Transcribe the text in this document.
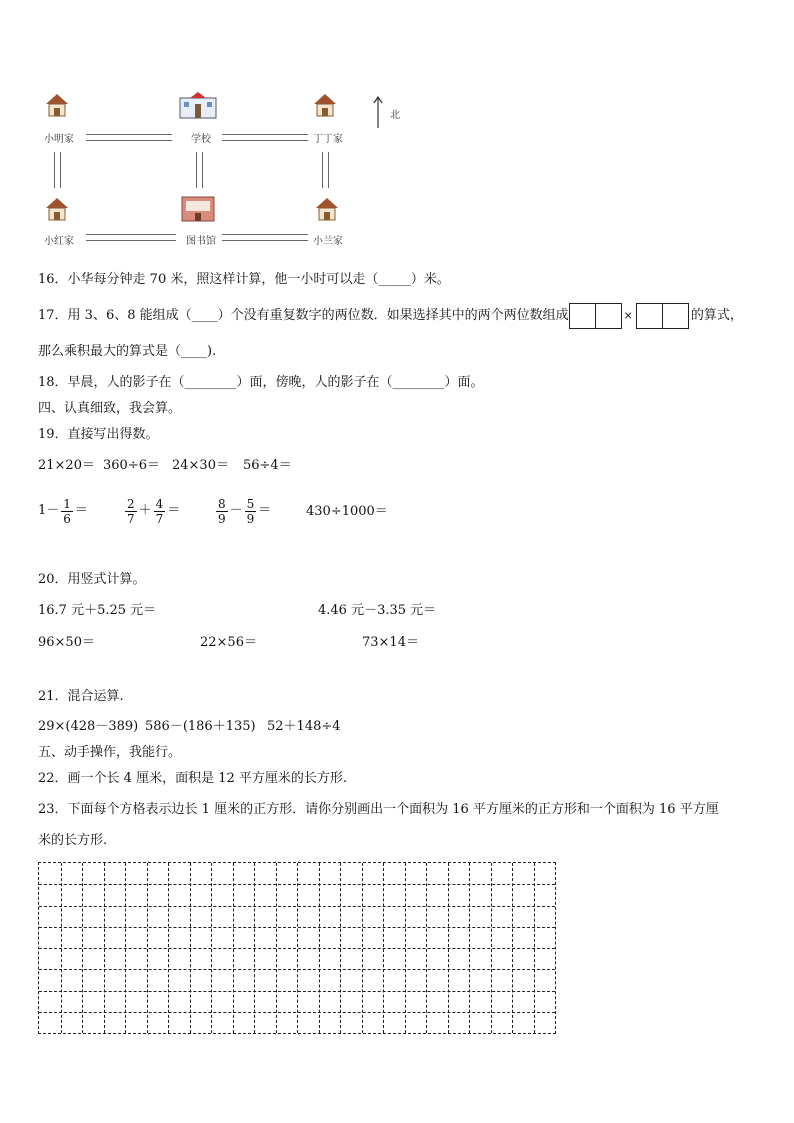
小明家	学校	丁丁家
小红家	图书馆	小兰家
北
16．小华每分钟走 70 米，照这样计算，他一小时可以走（_____）米。
17．用 3、6、8 能组成（____）个没有重复数字的两位数．如果选择其中的两个两位数组成	×	的算式，
那么乘积最大的算式是（____).
18．早晨，人的影子在（________）面，傍晚，人的影子在（________）面。
四、认真细致，我会算。
19．直接写出得数。
21×20＝ 360÷6＝ 24×30＝ 56÷4＝
$1- \frac{1}{6}$ ＝	$\frac{2}{7} + \frac{4}{7}$ ＝	$\frac{8}{9} - \frac{5}{9}$ ＝	430÷1000＝
20．用竖式计算。
16.7 元＋5.25 元＝	4.46 元－3.35 元＝
96×50＝	22×56＝	73×14＝
21．混合运算.
29×(428－389) 586－(186＋135) 52＋148÷4
五、动手操作，我能行。
22．画一个长 4 厘米，面积是 12 平方厘米的长方形.
23．下面每个方格表示边长 1 厘米的正方形．请你分别画出一个面积为 16 平方厘米的正方形和一个面积为 16 平方厘
米的长方形.
